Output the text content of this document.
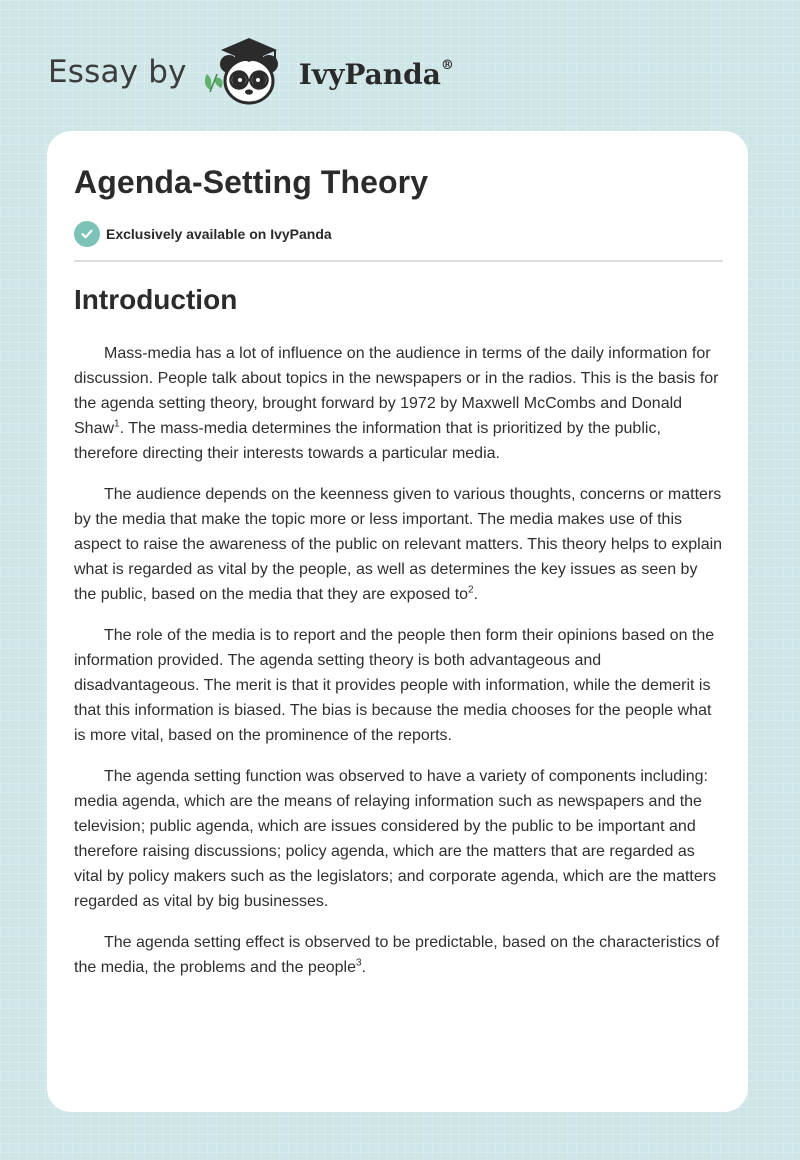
Essay by	IvyPanda®
Agenda-Setting Theory
Exclusively available on IvyPanda
Introduction

Mass-media has a lot of influence on the audience in terms of the daily information for discussion. People talk about topics in the newspapers or in the radios. This is the basis for the agenda setting theory, brought forward by 1972 by Maxwell McCombs and Donald Shaw$^1$. The mass-media determines the information that is prioritized by the public, therefore directing their interests towards a particular media.

The audience depends on the keenness given to various thoughts, concerns or matters by the media that make the topic more or less important. The media makes use of this aspect to raise the awareness of the public on relevant matters. This theory helps to explain what is regarded as vital by the people, as well as determines the key issues as seen by the public, based on the media that they are exposed $to^2$.

The role of the media is to report and the people then form their opinions based on the information provided. The agenda setting theory is both advantageous and disadvantageous. The merit is that it provides people with information, while the demerit is that this information is biased. The bias is because the media chooses for the people what is more vital, based on the prominence of the reports.

The agenda setting function was observed to have a variety of components including: media agenda, which are the means of relaying information such as newspapers and the television; public agenda, which are issues considered by the public to be important and therefore raising discussions; policy agenda, which are the matters that are regarded as vital by policy makers such as the legislators; and corporate agenda, which are the matters regarded as vital by big businesses.

The agenda setting effect is observed to be predictable, based on the characteristics of the media, the problems and the people$^3$.
